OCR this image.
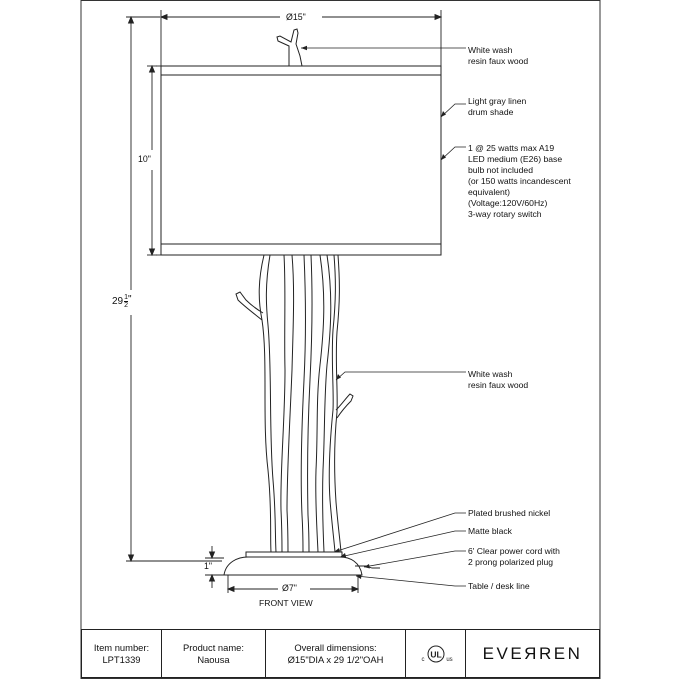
Ø15"
10"
$29 \frac{1}{2}$ "
1"
Ø7"
FRONT VIEW
White wash
resin faux wood
Light gray linen
drum shade
1 @ 25 watts max A19
LED medium (E26) base
bulb not included
(or 150 watts incandescent
equivalent)
(Voltage:120V/60Hz)
3-way rotary switch
White wash
resin faux wood
Plated brushed nickel
Matte black
6' Clear power cord with
2 prong polarized plug
Table / desk line
Item number:
LPT1339
Product name:
Naousa
Overall dimensions:
Ø15"DIA x 29 1/2"OAH	UL
c	us	EVEЯREN
